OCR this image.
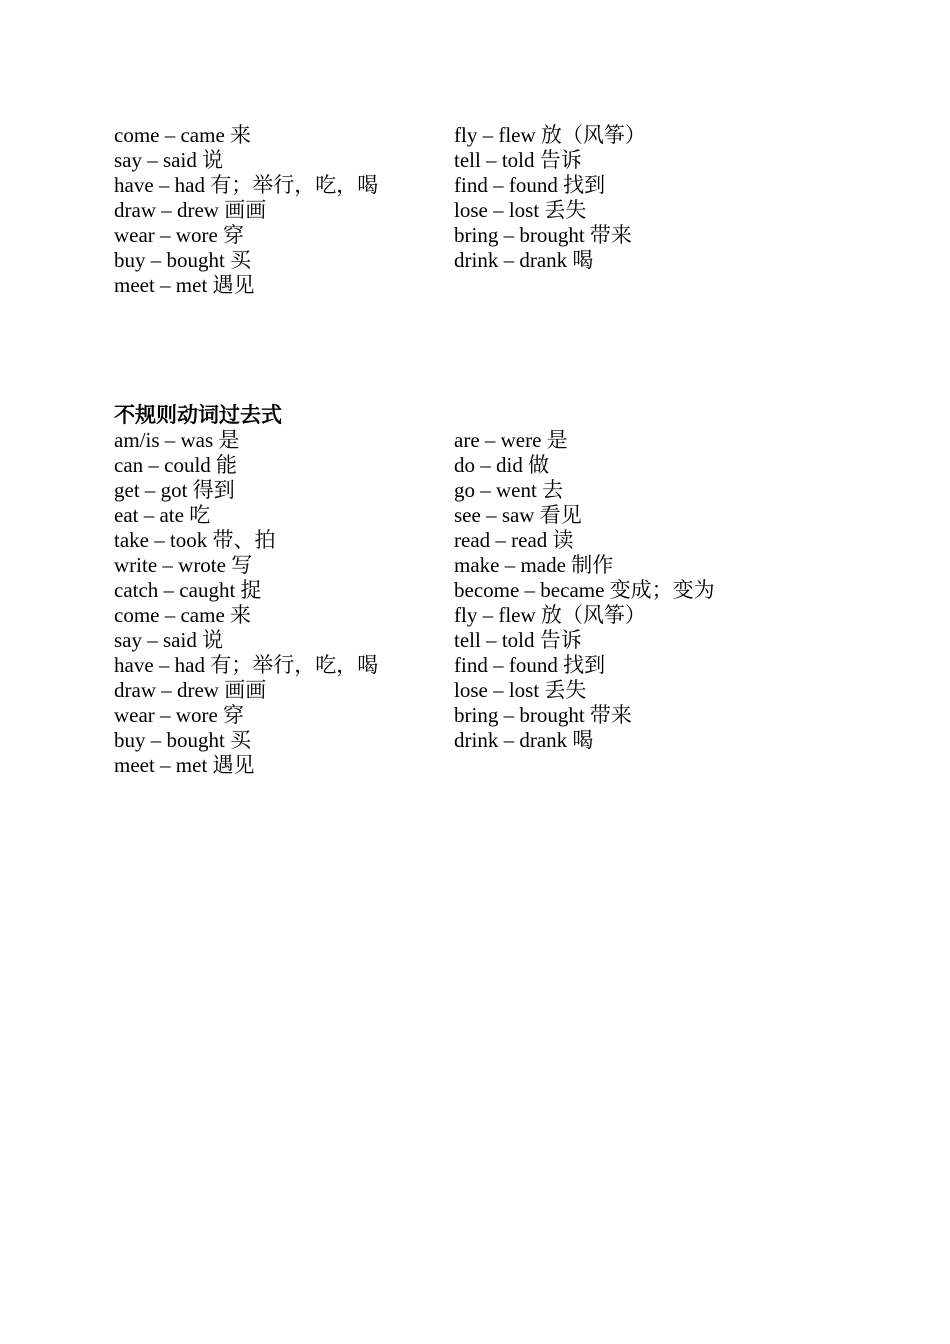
come – came 来	fly – flew 放（风筝）
say – said 说	tell – told 告诉
have – had 有；举行，吃，喝	find – found 找到
draw – drew 画画	lose – lost 丢失
wear – wore 穿	bring – brought 带来
buy – bought 买	drink – drank 喝
meet – met 遇见
不规则动词过去式
am/is – was 是	are – were 是
can – could 能	do – did 做
get – got 得到	go – went 去
eat – ate 吃	see – saw 看见
take – took 带、拍	read – read 读
write – wrote 写	make – made 制作
catch – caught 捉	become – became 变成；变为
come – came 来	fly – flew 放（风筝）
say – said 说	tell – told 告诉
have – had 有；举行，吃，喝	find – found 找到
draw – drew 画画	lose – lost 丢失
wear – wore 穿	bring – brought 带来
buy – bought 买	drink – drank 喝
meet – met 遇见
